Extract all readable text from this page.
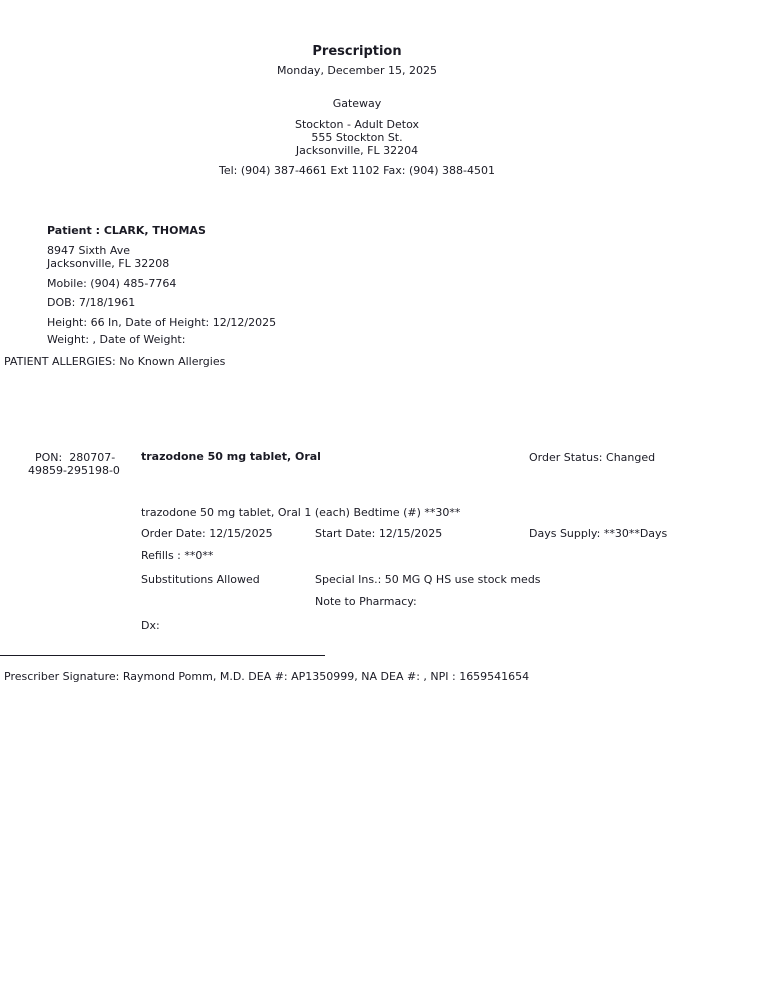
Prescription
Monday, December 15, 2025
Gateway
Stockton - Adult Detox
555 Stockton St.
Jacksonville, FL 32204
Tel: (904) 387-4661 Ext 1102 Fax: (904) 388-4501
Patient : CLARK, THOMAS
8947 Sixth Ave
Jacksonville, FL 32208
Mobile: (904) 485-7764
DOB: 7/18/1961
Height: 66 In, Date of Height: 12/12/2025
Weight: , Date of Weight:
PATIENT ALLERGIES: No Known Allergies
PON:  280707-
49859-295198-0
trazodone 50 mg tablet, Oral	Order Status: Changed
trazodone 50 mg tablet, Oral 1 (each) Bedtime (#) **30**
Order Date: 12/15/2025	Start Date: 12/15/2025	Days Supply: **30**Days
Refills : **0**
Substitutions Allowed	Special Ins.: 50 MG Q HS use stock meds
Note to Pharmacy:
Dx:
Prescriber Signature: Raymond Pomm, M.D. DEA #: AP1350999, NA DEA #: , NPI : 1659541654
